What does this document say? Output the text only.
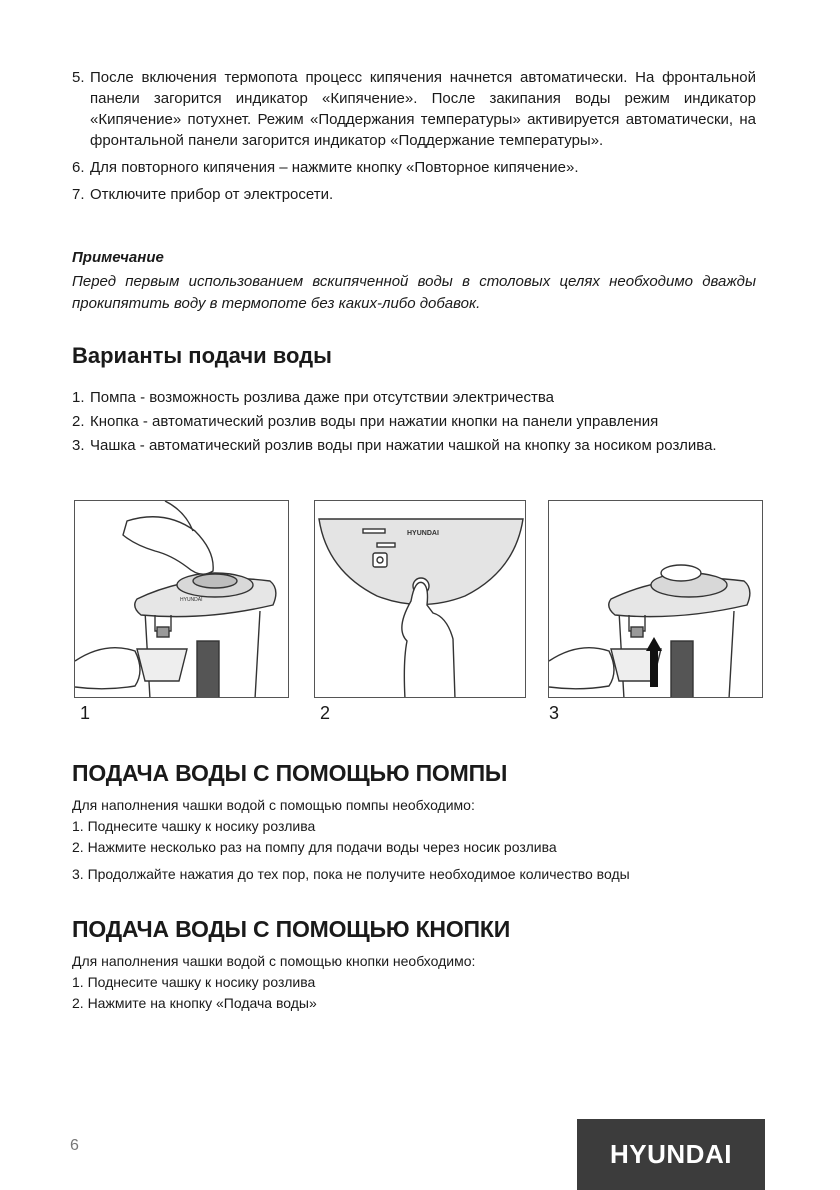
5. После включения термопота процесс кипячения начнется автоматически. На фронтальной панели загорится индикатор «Кипячение». После закипания воды режим индикатор «Кипячение» потухнет. Режим «Поддержания температуры» активируется автоматически, на фронтальной панели загорится индикатор «Поддержание температуры».
6. Для повторного кипячения – нажмите кнопку «Повторное кипячение».
7. Отключите прибор от электросети.
Примечание
Перед первым использованием вскипяченной воды в столовых целях необходимо дважды прокипятить воду в термопоте без каких-либо добавок.
Варианты подачи воды
1. Помпа - возможность розлива даже при отсутствии электричества
2. Кнопка - автоматический розлив воды при нажатии кнопки на панели управления
3. Чашка - автоматический розлив воды при нажатии чашкой на кнопку за носиком розлива.
HYUNDAI
HYUNDAI
1	2	3
ПОДАЧА ВОДЫ С ПОМОЩЬЮ ПОМПЫ
Для наполнения чашки водой с помощью помпы необходимо:
1. Поднесите чашку к носику розлива
2. Нажмите несколько раз на помпу для подачи воды через носик розлива
3. Продолжайте нажатия до тех пор, пока не получите необходимое количество воды
ПОДАЧА ВОДЫ С ПОМОЩЬЮ КНОПКИ
Для наполнения чашки водой с помощью кнопки необходимо:
1. Поднесите чашку к носику розлива
2. Нажмите на кнопку «Подача воды»
6	HYUNDAI
